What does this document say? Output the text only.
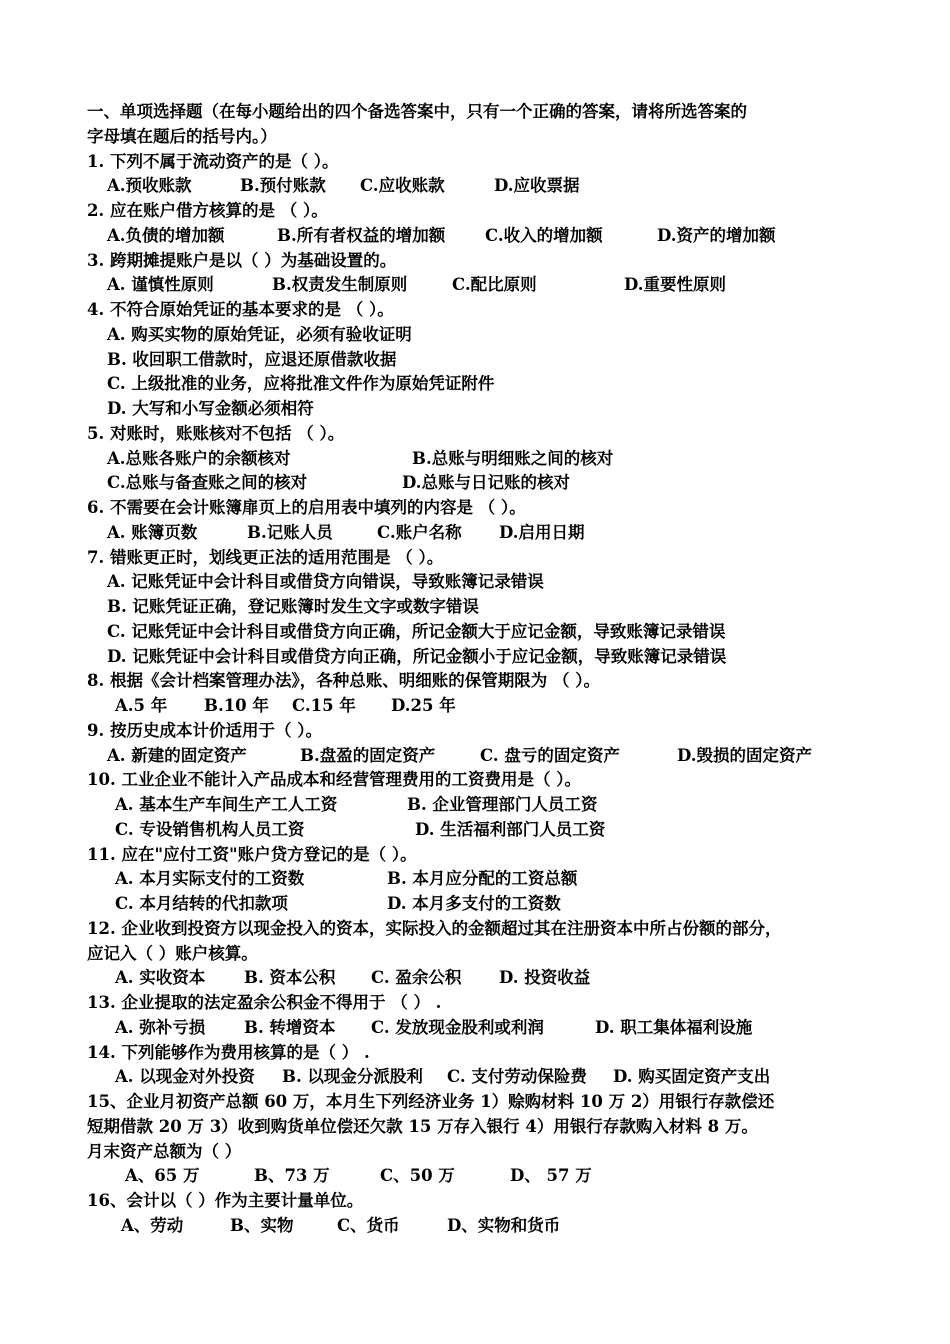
一、单项选择题（在每小题给出的四个备选答案中，只有一个正确的答案，请将所选答案的
字母填在题后的括号内。）
1. 下列不属于流动资产的是（ ）。
A.预收账款	B.预付账款 C.应收账款	D.应收票据
2. 应在账户借方核算的是 （ ）。
A.负债的增加额	B.所有者权益的增加额 C.收入的增加额	D.资产的增加额
3. 跨期摊提账户是以（ ）为基础设置的。
A. 谨慎性原则	B.权责发生制原则	C.配比原则	D.重要性原则
4. 不符合原始凭证的基本要求的是 （ ）。
A. 购买实物的原始凭证，必须有验收证明
B. 收回职工借款时，应退还原借款收据
C. 上级批准的业务，应将批准文件作为原始凭证附件
D. 大写和小写金额必须相符
5. 对账时，账账核对不包括 （ ）。
A.总账各账户的余额核对	B.总账与明细账之间的核对
C.总账与备查账之间的核对	D.总账与日记账的核对
6. 不需要在会计账簿扉页上的启用表中填列的内容是 （ ）。
A. 账簿页数	B.记账人员	C.账户名称 D.启用日期
7. 错账更正时，划线更正法的适用范围是 （ ）。
A. 记账凭证中会计科目或借贷方向错误，导致账簿记录错误
B. 记账凭证正确，登记账簿时发生文字或数字错误
C. 记账凭证中会计科目或借贷方向正确，所记金额大于应记金额，导致账簿记录错误
D. 记账凭证中会计科目或借贷方向正确，所记金额小于应记金额，导致账簿记录错误
8. 根据《会计档案管理办法》，各种总账、明细账的保管期限为 （ ）。
A.5 年 B.10 年 C.15 年 D.25 年
9. 按历史成本计价适用于（ ）。
A. 新建的固定资产	B.盘盈的固定资产	C. 盘亏的固定资产	D.毁损的固定资产
10. 工业企业不能计入产品成本和经营管理费用的工资费用是（ ）。
A. 基本生产车间生产工人工资	B. 企业管理部门人员工资
C. 专设销售机构人员工资	D. 生活福利部门人员工资
11. 应在"应付工资"账户贷方登记的是（ ）。
A. 本月实际支付的工资数	B. 本月应分配的工资总额
C. 本月结转的代扣款项	D. 本月多支付的工资数
12. 企业收到投资方以现金投入的资本，实际投入的金额超过其在注册资本中所占份额的部分，
应记入（ ）账户核算。
A. 实收资本 B. 资本公积 C. 盈余公积 D. 投资收益
13. 企业提取的法定盈余公积金不得用于 （ ） .
A. 弥补亏损 B. 转增资本 C. 发放现金股利或利润	D. 职工集体福利设施
14. 下列能够作为费用核算的是（ ） .
A. 以现金对外投资 B. 以现金分派股利 C. 支付劳动保险费 D. 购买固定资产支出
15、企业月初资产总额 60 万，本月生下列经济业务 1）赊购材料 10 万 2）用银行存款偿还
短期借款 20 万 3）收到购货单位偿还欠款 15 万存入银行 4）用银行存款购入材料 8 万。
月末资产总额为（ ）
A、65 万	B、73 万	C、50 万	D、 57 万
16、会计以（ ）作为主要计量单位。
A、劳动	B、实物	C、货币	D、实物和货币
